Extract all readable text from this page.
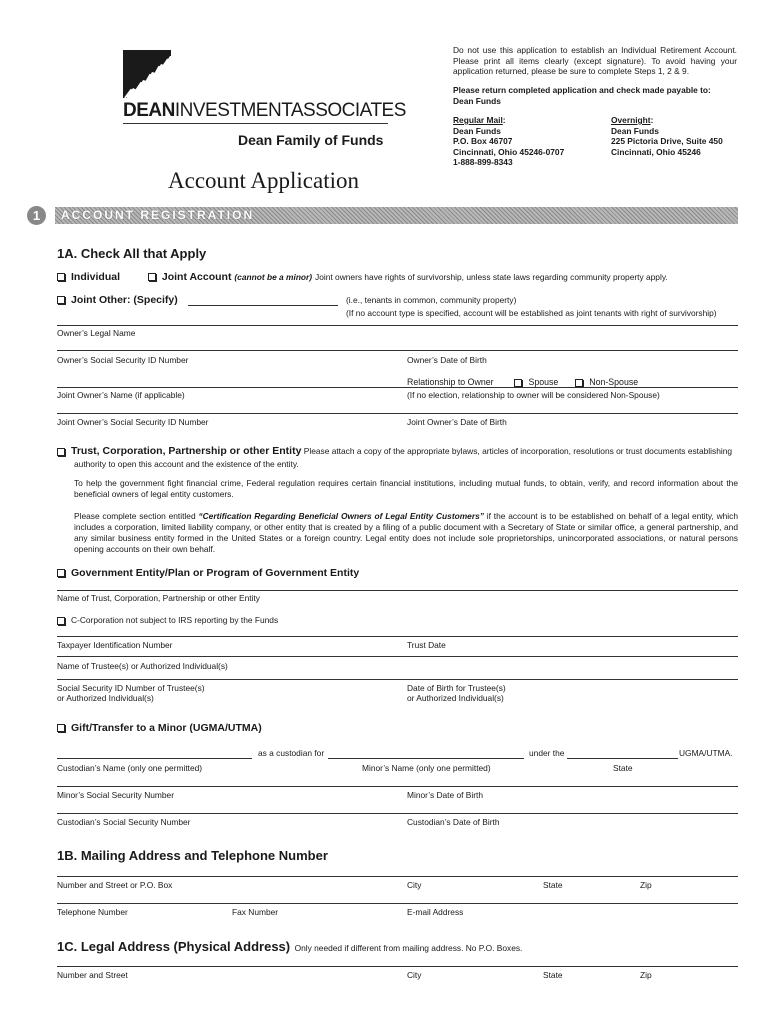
DEANINVESTMENTASSOCIATES
Dean Family of Funds
Account Application
Do not use this application to establish an Individual Retirement Account. Please print all items clearly (except signature). To avoid having your application returned, please be sure to complete Steps 1, 2 & 9.
Please return completed application and check made payable to:
Dean Funds
Regular Mail:
Dean Funds
P.O. Box 46707
Cincinnati, Ohio 45246-0707
1-888-899-8343
Overnight:
Dean Funds
225 Pictoria Drive, Suite 450
Cincinnati, Ohio 45246
1	ACCOUNT REGISTRATION
1A. Check All that Apply
Individual	Joint Account (cannot be a minor) Joint owners have rights of survivorship, unless state laws regarding community property apply.
Joint Other: (Specify)	(i.e., tenants in common, community property)
(If no account type is specified, account will be established as joint tenants with right of survivorship)
Owner’s Legal Name
Owner’s Social Security ID Number	Owner’s Date of Birth
Relationship to Owner	Spouse	Non-Spouse
Joint Owner’s Name (if applicable)	(If no election, relationship to owner will be considered Non-Spouse)
Joint Owner’s Social Security ID Number	Joint Owner’s Date of Birth
Trust, Corporation, Partnership or other Entity Please attach a copy of the appropriate bylaws, articles of incorporation, resolutions or trust documents establishing
authority to open this account and the existence of the entity.
To help the government fight financial crime, Federal regulation requires certain financial institutions, including mutual funds, to obtain, verify, and record information about the beneficial owners of legal entity customers.
Please complete section entitled “Certification Regarding Beneficial Owners of Legal Entity Customers” if the account is to be established on behalf of a legal entity, which includes a corporation, limited liability company, or other entity that is created by a filing of a public document with a Secretary of State or similar office, a general partnership, and any similar business entity formed in the United States or a foreign country. Legal entity does not include sole proprietorships, unincorporated associations, or natural persons opening accounts on their own behalf.
Government Entity/Plan or Program of Government Entity
Name of Trust, Corporation, Partnership or other Entity
C-Corporation not subject to IRS reporting by the Funds
Taxpayer Identification Number	Trust Date
Name of Trustee(s) or Authorized Individual(s)
Social Security ID Number of Trustee(s)
or Authorized Individual(s)
Date of Birth for Trustee(s)
or Authorized Individual(s)
Gift/Transfer to a Minor (UGMA/UTMA)
as a custodian for	under the	UGMA/UTMA.
Custodian’s Name (only one permitted)	Minor’s Name (only one permitted)	State
Minor’s Social Security Number	Minor’s Date of Birth
Custodian’s Social Security Number	Custodian’s Date of Birth
1B. Mailing Address and Telephone Number
Number and Street or P.O. Box	City	State	Zip
Telephone Number	Fax Number	E-mail Address
1C. Legal Address (Physical Address) Only needed if different from mailing address. No P.O. Boxes.
Number and Street	City	State	Zip
